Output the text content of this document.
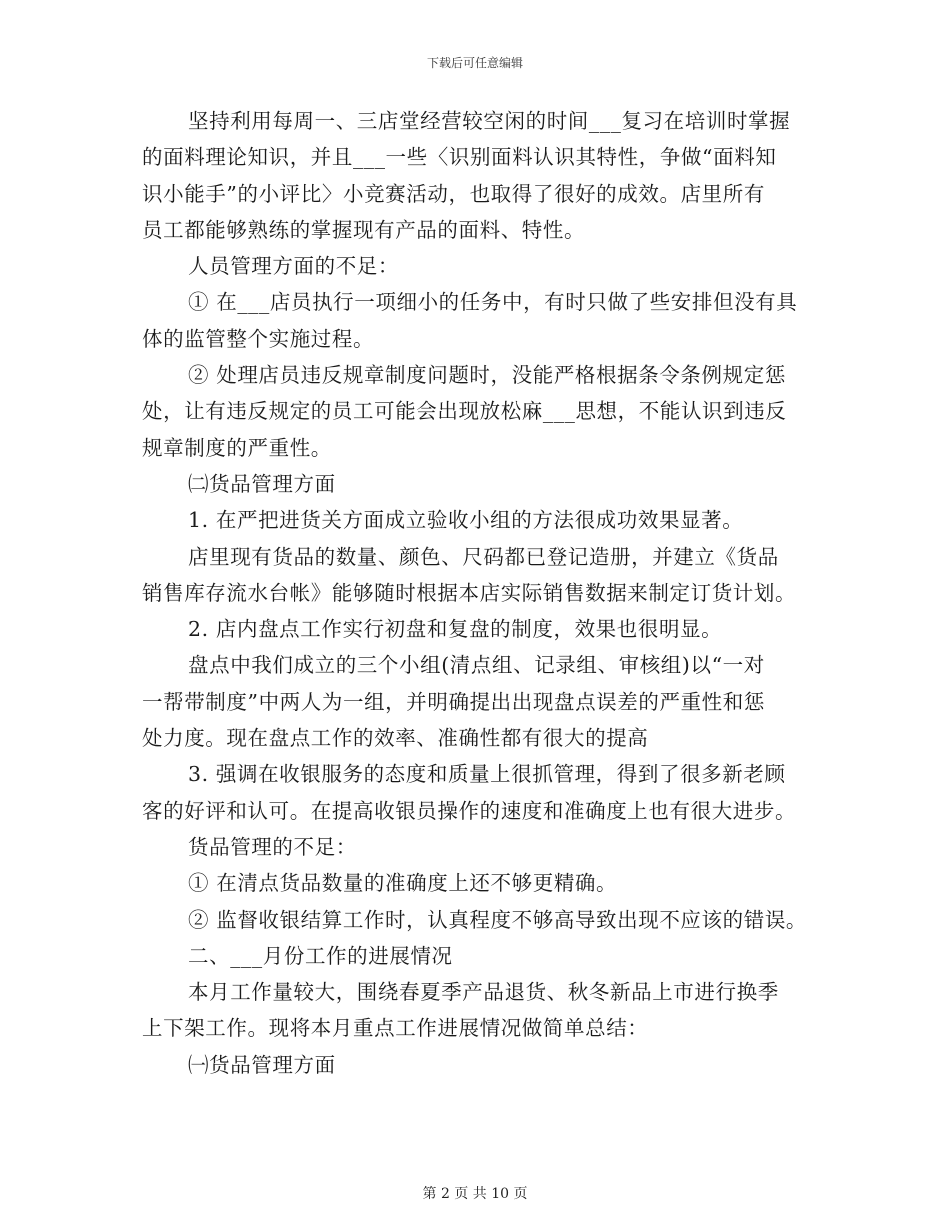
下载后可任意编辑
坚持利用每周一、三店堂经营较空闲的时间___复习在培训时掌握
的面料理论知识，并且___一些〈识别面料认识其特性，争做“面料知
识小能手”的小评比〉小竞赛活动，也取得了很好的成效。店里所有
员工都能够熟练的掌握现有产品的面料、特性。
人员管理方面的不足：
① 在___店员执行一项细小的任务中，有时只做了些安排但没有具
体的监管整个实施过程。
② 处理店员违反规章制度问题时，没能严格根据条令条例规定惩
处，让有违反规定的员工可能会出现放松麻___思想，不能认识到违反
规章制度的严重性。
㈡货品管理方面
1. 在严把进货关方面成立验收小组的方法很成功效果显著。
店里现有货品的数量、颜色、尺码都已登记造册，并建立《货品
销售库存流水台帐》能够随时根据本店实际销售数据来制定订货计划。
2. 店内盘点工作实行初盘和复盘的制度，效果也很明显。
盘点中我们成立的三个小组(清点组、记录组、审核组)以“一对
一帮带制度”中两人为一组，并明确提出出现盘点误差的严重性和惩
处力度。现在盘点工作的效率、准确性都有很大的提高
3. 强调在收银服务的态度和质量上很抓管理，得到了很多新老顾
客的好评和认可。在提高收银员操作的速度和准确度上也有很大进步。
货品管理的不足：
① 在清点货品数量的准确度上还不够更精确。
② 监督收银结算工作时，认真程度不够高导致出现不应该的错误。
二、___月份工作的进展情况
本月工作量较大，围绕春夏季产品退货、秋冬新品上市进行换季
上下架工作。现将本月重点工作进展情况做简单总结：
㈠货品管理方面
第 2 页 共 10 页
